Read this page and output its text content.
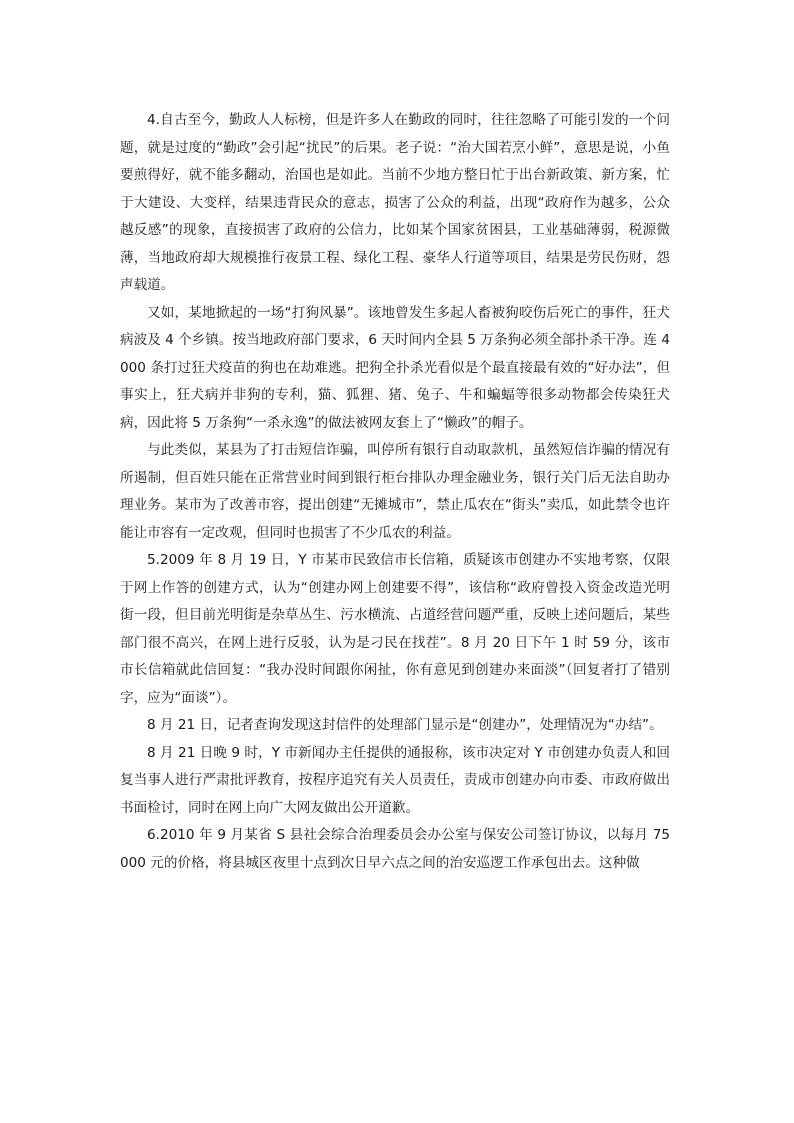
4.自古至今，勤政人人标榜，但是许多人在勤政的同时，往往忽略了可能引发的一个问题，就是过度的“勤政”会引起“扰民”的后果。老子说：“治大国若烹小鲜”，意思是说，小鱼要煎得好，就不能多翻动，治国也是如此。当前不少地方整日忙于出台新政策、新方案，忙于大建设、大变样，结果违背民众的意志，损害了公众的利益，出现“政府作为越多，公众越反感”的现象，直接损害了政府的公信力，比如某个国家贫困县，工业基础薄弱，税源微薄，当地政府却大规模推行夜景工程、绿化工程、豪华人行道等项目，结果是劳民伤财，怨声载道。

又如，某地掀起的一场“打狗风暴”。该地曾发生多起人畜被狗咬伤后死亡的事件，狂犬病波及 4 个乡镇。按当地政府部门要求，6 天时间内全县 5 万条狗必须全部扑杀干净。连 4000 条打过狂犬疫苗的狗也在劫难逃。把狗全扑杀光看似是个最直接最有效的“好办法”，但事实上，狂犬病并非狗的专利，猫、狐狸、猪、兔子、牛和蝙蝠等很多动物都会传染狂犬病，因此将 5 万条狗“一杀永逸”的做法被网友套上了“懒政”的帽子。

与此类似，某县为了打击短信诈骗，叫停所有银行自动取款机，虽然短信诈骗的情况有所遏制，但百姓只能在正常营业时间到银行柜台排队办理金融业务，银行关门后无法自助办理业务。某市为了改善市容，提出创建“无摊城市”，禁止瓜农在“街头”卖瓜，如此禁令也许能让市容有一定改观，但同时也损害了不少瓜农的利益。

5.2009 年 8 月 19 日，Y 市某市民致信市长信箱，质疑该市创建办不实地考察，仅限于网上作答的创建方式，认为“创建办网上创建要不得”，该信称“政府曾投入资金改造光明街一段，但目前光明街是杂草丛生、污水横流、占道经营问题严重，反映上述问题后，某些部门很不高兴，在网上进行反驳，认为是刁民在找茬”。8 月 20 日下午 1 时 59 分，该市市长信箱就此信回复：“我办没时间跟你闲扯，你有意见到创建办来面淡”（回复者打了错别字，应为“面谈”）。

8 月 21 日，记者查询发现这封信件的处理部门显示是“创建办”，处理情况为“办结”。

8 月 21 日晚 9 时，Y 市新闻办主任提供的通报称，该市决定对 Y 市创建办负责人和回复当事人进行严肃批评教育，按程序追究有关人员责任，责成市创建办向市委、市政府做出书面检讨，同时在网上向广大网友做出公开道歉。

6.2010 年 9 月某省 S 县社会综合治理委员会办公室与保安公司签订协议，以每月 75000 元的价格，将县城区夜里十点到次日早六点之间的治安巡逻工作承包出去。这种做
